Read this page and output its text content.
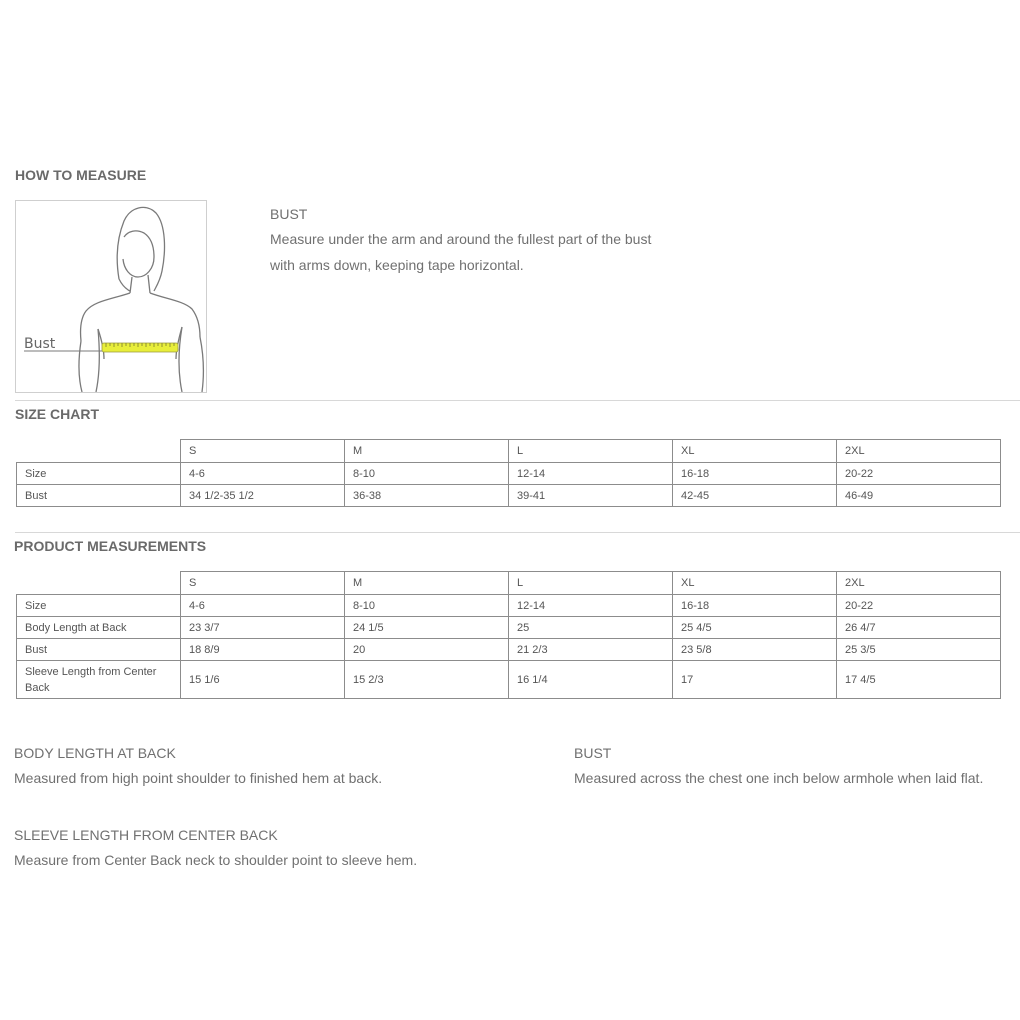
HOW TO MEASURE
Bust
BUST
Measure under the arm and around the fullest part of the bust
with arms down, keeping tape horizontal.
SIZE CHART
	S	M	L	XL	2XL
Size	4-6	8-10	12-14	16-18	20-22
Bust	34 1/2-35 1/2	36-38	39-41	42-45	46-49
PRODUCT MEASUREMENTS
	S	M	L	XL	2XL
Size	4-6	8-10	12-14	16-18	20-22
Body Length at Back	23 3/7	24 1/5	25	25 4/5	26 4/7
Bust	18 8/9	20	21 2/3	23 5/8	25 3/5
Sleeve Length from Center Back	15 1/6	15 2/3	16 1/4	17	17 4/5
BODY LENGTH AT BACK
Measured from high point shoulder to finished hem at back.
BUST
Measured across the chest one inch below armhole when laid flat.
SLEEVE LENGTH FROM CENTER BACK
Measure from Center Back neck to shoulder point to sleeve hem.
